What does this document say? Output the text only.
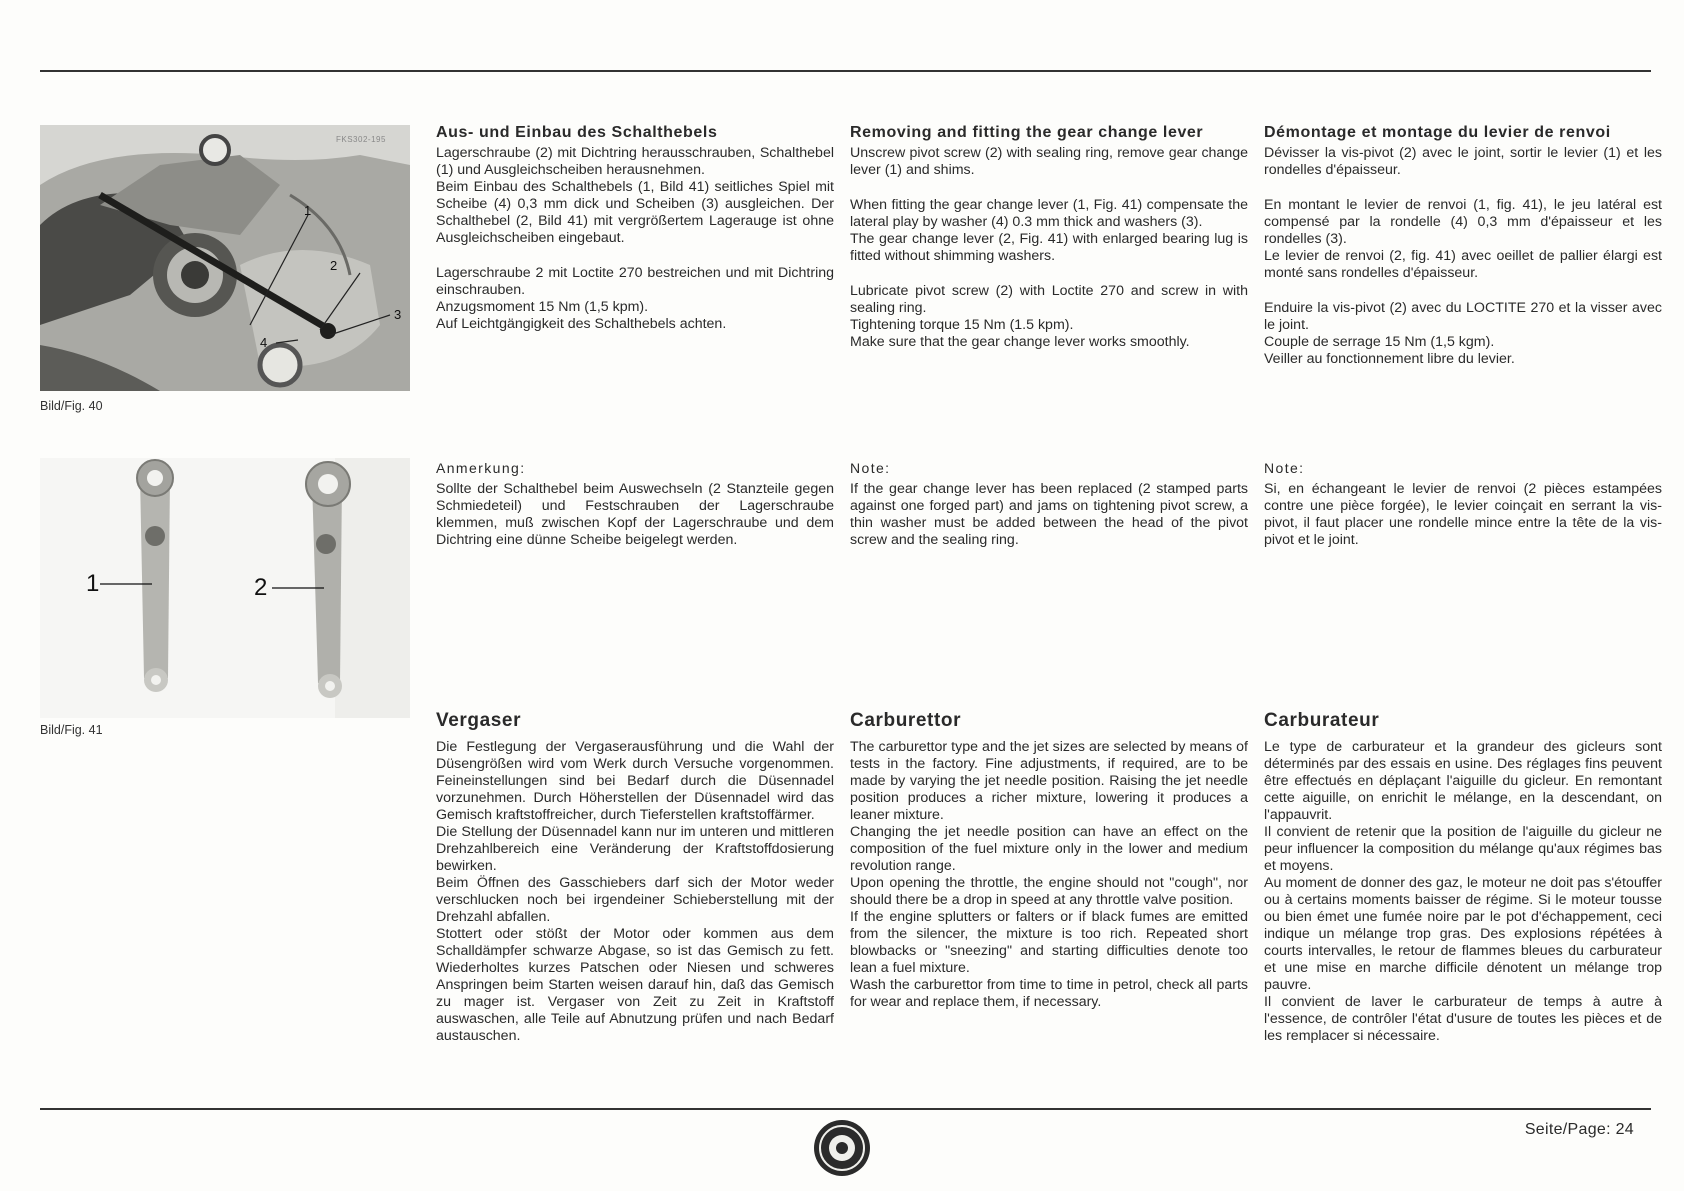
FKS302-195
1
2
3
4
Bild/Fig. 40
1	2
Bild/Fig. 41
Aus- und Einbau des Schalthebels

Lagerschraube (2) mit Dichtring herausschrauben, Schalthebel (1) und Ausgleichscheiben herausnehmen.

Beim Einbau des Schalthebels (1, Bild 41) seitliches Spiel mit Scheibe (4) 0,3 mm dick und Scheiben (3) ausgleichen. Der Schalthebel (2, Bild 41) mit vergrößertem Lagerauge ist ohne Ausgleichscheiben eingebaut.

Lagerschraube 2 mit Loctite 270 bestreichen und mit Dichtring einschrauben.

Anzugsmoment 15 Nm (1,5 kpm).

Auf Leichtgängigkeit des Schalthebels achten.

Removing and fitting the gear change lever

Unscrew pivot screw (2) with sealing ring, remove gear change lever (1) and shims.

When fitting the gear change lever (1, Fig. 41) compensate the lateral play by washer (4) 0.3 mm thick and washers (3).

The gear change lever (2, Fig. 41) with enlarged bearing lug is fitted without shimming washers.

Lubricate pivot screw (2) with Loctite 270 and screw in with sealing ring.

Tightening torque 15 Nm (1.5 kpm).

Make sure that the gear change lever works smoothly.

Démontage et montage du levier de renvoi

Dévisser la vis-pivot (2) avec le joint, sortir le levier (1) et les rondelles d'épaisseur.

En montant le levier de renvoi (1, fig. 41), le jeu latéral est compensé par la rondelle (4) 0,3 mm d'épaisseur et les rondelles (3).

Le levier de renvoi (2, fig. 41) avec oeillet de pallier élargi est monté sans rondelles d'épaisseur.

Enduire la vis-pivot (2) avec du LOCTITE 270 et la visser avec le joint.

Couple de serrage 15 Nm (1,5 kgm).

Veiller au fonctionnement libre du levier.

Anmerkung:

Sollte der Schalthebel beim Auswechseln (2 Stanzteile gegen Schmiedeteil) und Festschrauben der Lagerschraube klemmen, muß zwischen Kopf der Lagerschraube und dem Dichtring eine dünne Scheibe beigelegt werden.

Note:

If the gear change lever has been replaced (2 stamped parts against one forged part) and jams on tightening pivot screw, a thin washer must be added between the head of the pivot screw and the sealing ring.

Note:

Si, en échangeant le levier de renvoi (2 pièces estampées contre une pièce forgée), le levier coinçait en serrant la vis-pivot, il faut placer une rondelle mince entre la tête de la vis-pivot et le joint.

Vergaser

Die Festlegung der Vergaserausführung und die Wahl der Düsengrößen wird vom Werk durch Versuche vorgenommen. Feineinstellungen sind bei Bedarf durch die Düsennadel vorzunehmen. Durch Höherstellen der Düsennadel wird das Gemisch kraftstoffreicher, durch Tieferstellen kraftstoffärmer.

Die Stellung der Düsennadel kann nur im unteren und mittleren Drehzahlbereich eine Veränderung der Kraftstoffdosierung bewirken.

Beim Öffnen des Gasschiebers darf sich der Motor weder verschlucken noch bei irgendeiner Schieberstellung mit der Drehzahl abfallen.

Stottert oder stößt der Motor oder kommen aus dem Schalldämpfer schwarze Abgase, so ist das Gemisch zu fett. Wiederholtes kurzes Patschen oder Niesen und schweres Anspringen beim Starten weisen darauf hin, daß das Gemisch zu mager ist. Vergaser von Zeit zu Zeit in Kraftstoff auswaschen, alle Teile auf Abnutzung prüfen und nach Bedarf austauschen.

Carburettor

The carburettor type and the jet sizes are selected by means of tests in the factory. Fine adjustments, if required, are to be made by varying the jet needle position. Raising the jet needle position produces a richer mixture, lowering it produces a leaner mixture.

Changing the jet needle position can have an effect on the composition of the fuel mixture only in the lower and medium revolution range.

Upon opening the throttle, the engine should not "cough", nor should there be a drop in speed at any throttle valve position.

If the engine splutters or falters or if black fumes are emitted from the silencer, the mixture is too rich. Repeated short blowbacks or "sneezing" and starting difficulties denote too lean a fuel mixture.

Wash the carburettor from time to time in petrol, check all parts for wear and replace them, if necessary.

Carburateur

Le type de carburateur et la grandeur des gicleurs sont déterminés par des essais en usine. Des réglages fins peuvent être effectués en déplaçant l'aiguille du gicleur. En remontant cette aiguille, on enrichit le mélange, en la descendant, on l'appauvrit.

Il convient de retenir que la position de l'aiguille du gicleur ne peur influencer la composition du mélange qu'aux régimes bas et moyens.

Au moment de donner des gaz, le moteur ne doit pas s'étouffer ou à certains moments baisser de régime. Si le moteur tousse ou bien émet une fumée noire par le pot d'échappement, ceci indique un mélange trop gras. Des explosions répétées à courts intervalles, le retour de flammes bleues du carburateur et une mise en marche difficile dénotent un mélange trop pauvre.

Il convient de laver le carburateur de temps à autre à l'essence, de contrôler l'état d'usure de toutes les pièces et de les remplacer si nécessaire.

Seite/Page: 24
